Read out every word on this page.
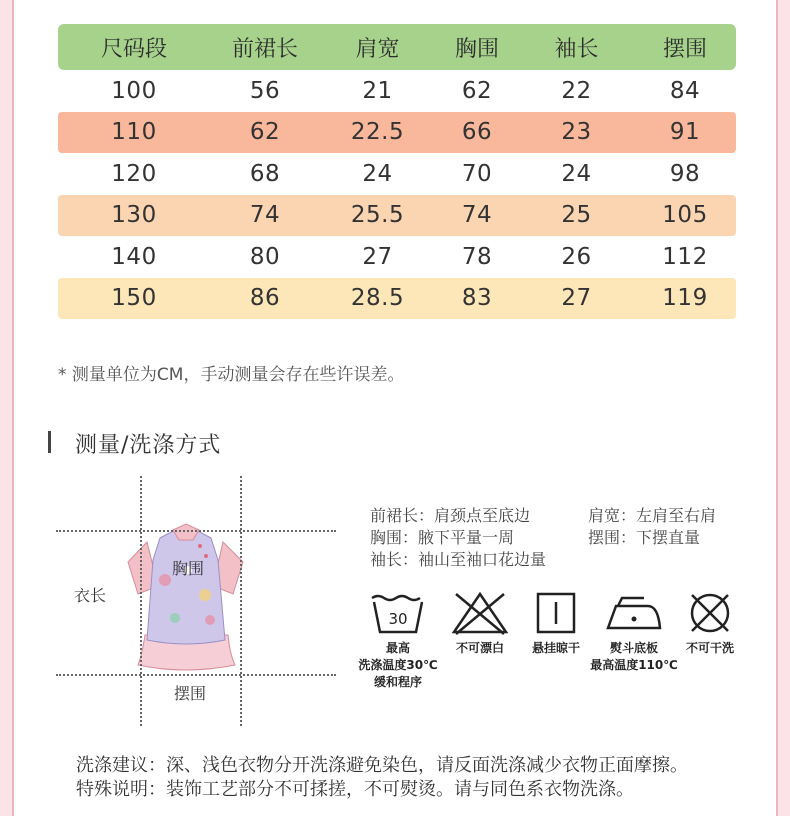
尺码段	前裙长	肩宽	胸围	袖长	摆围
100	56	21	62	22	84
110	62	22.5	66	23	91
120	68	24	70	24	98
130	74	25.5	74	25	105
140	80	27	78	26	112
150	86	28.5	83	27	119
* 测量单位为CM，手动测量会存在些许误差。
测量/洗涤方式
胸围
衣长
摆围
前裙长：肩颈点至底边
胸围：腋下平量一周
袖长：袖山至袖口花边量
肩宽：左肩至右肩
摆围：下摆直量
30
最高
洗涤温度30℃
缓和程序
不可漂白	悬挂晾干	熨斗底板
最高温度110℃
不可干洗
洗涤建议：深、浅色衣物分开洗涤避免染色，请反面洗涤减少衣物正面摩擦。
特殊说明：装饰工艺部分不可揉搓，不可熨烫。请与同色系衣物洗涤。
